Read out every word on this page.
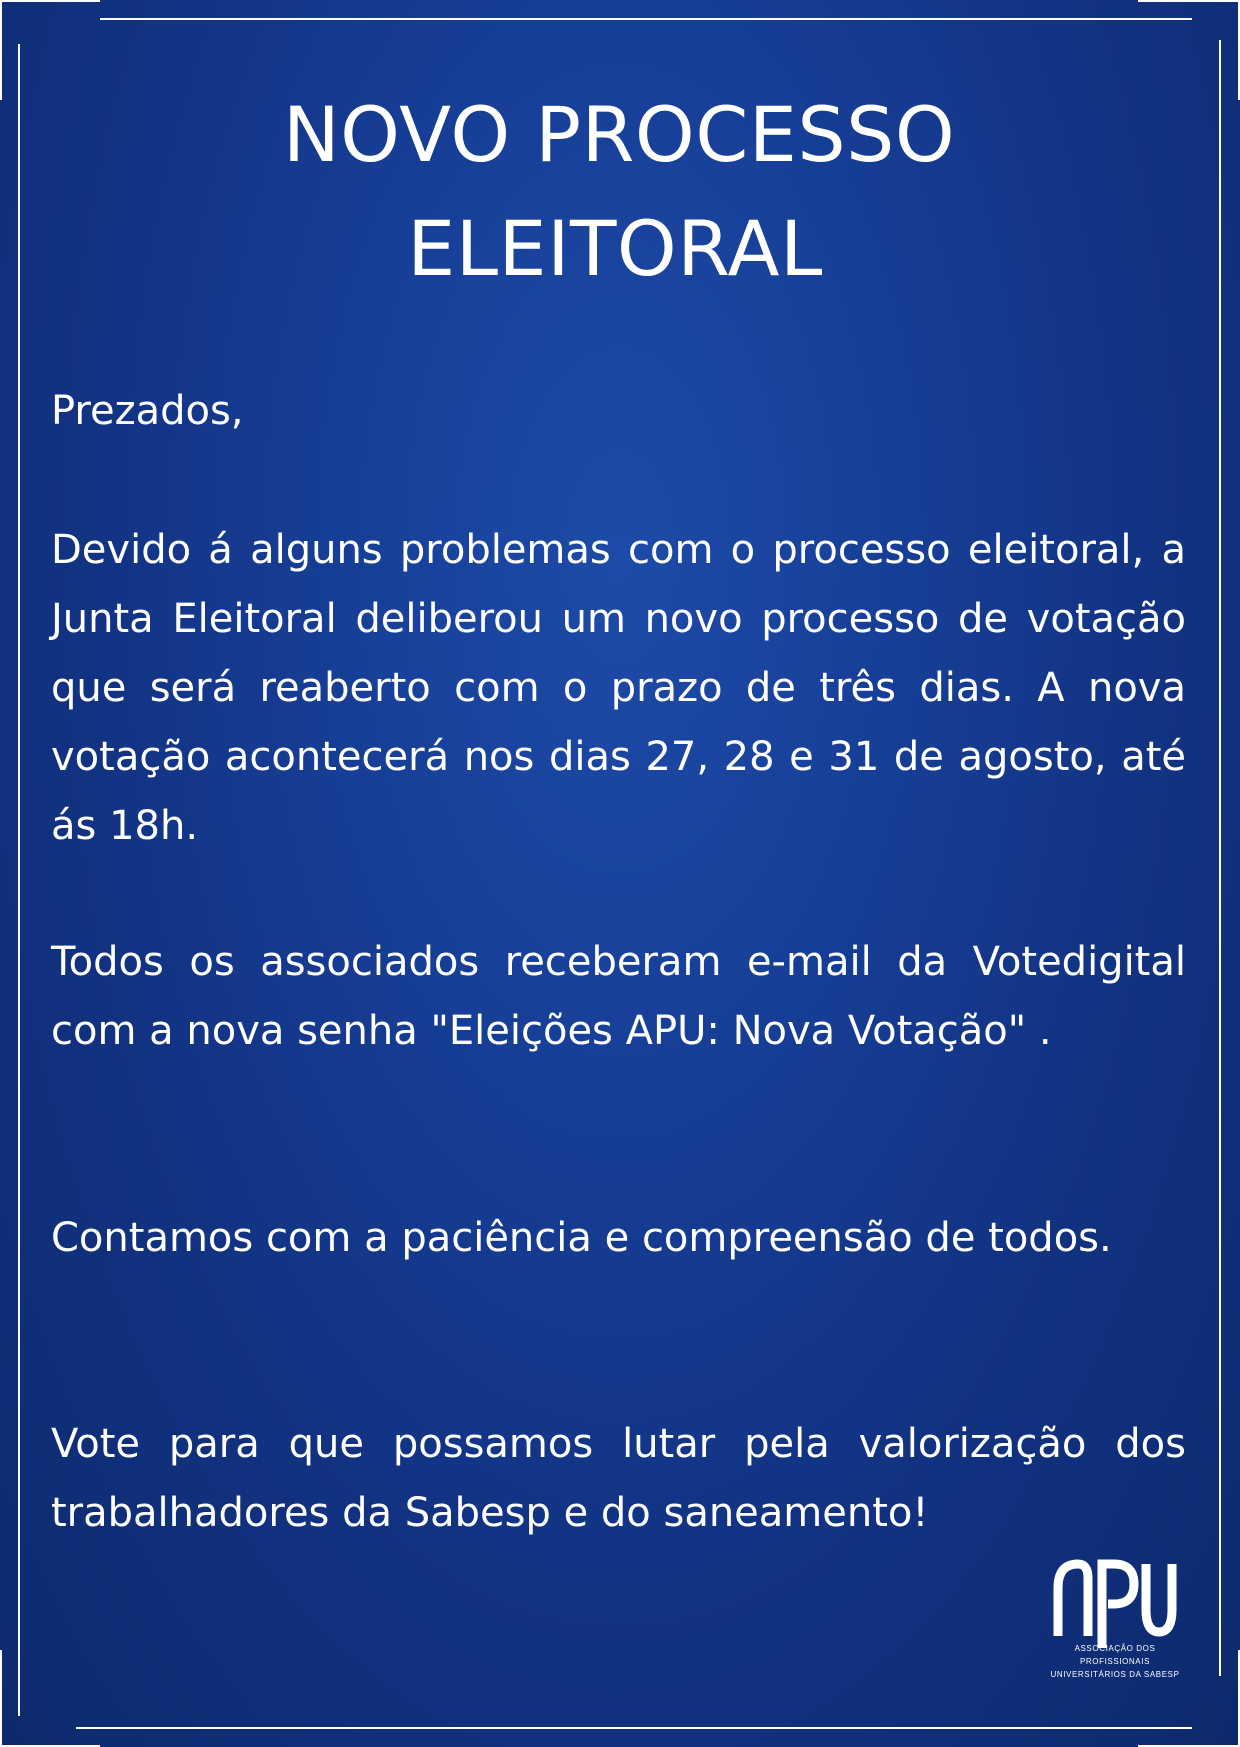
NOVO PROCESSO
ELEITORAL

Prezados,

Devido á alguns problemas com o processo eleitoral, a Junta Eleitoral deliberou um novo processo de votação que será reaberto com o prazo de três dias. A nova votação acontecerá nos dias 27, 28 e 31 de agosto, até ás 18h.

Todos os associados receberam e-mail da Votedigital com a nova senha "Eleições APU: Nova Votação" .

Contamos com a paciência e compreensão de todos.

Vote para que possamos lutar pela valorização dos trabalhadores da Sabesp e do saneamento!

ASSOCIAÇÃO DOS PROFISSIONAIS
UNIVERSITÁRIOS DA SABESP
